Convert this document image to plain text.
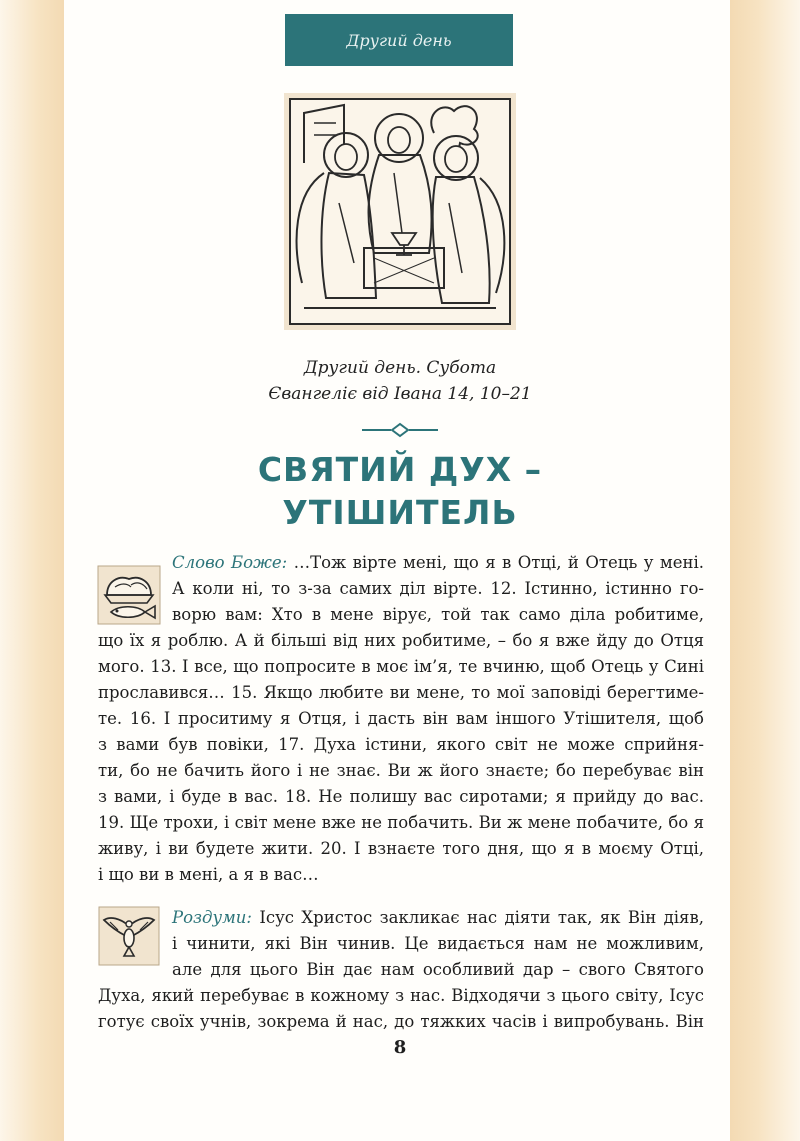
Другий день
Другий день. Субота
Євангеліє від Івана 14, 10–21
СВЯТИЙ ДУХ –
УТІШИТЕЛЬ
Слово Боже: …Тож вірте мені, що я в Отці, й Отець у мені.
А коли ні, то з-за самих діл вірте. 12. Істинно, істинно го-
ворю вам: Хто в мене вірує, той так само діла робитиме,
що їх я роблю. А й більші від них робитиме, – бо я вже йду до Отця
мого. 13. І все, що попросите в моє ім’я, те вчиню, щоб Отець у Сині
прославився… 15. Якщо любите ви мене, то мої заповіді берегтиме-
те. 16. І проситиму я Отця, і дасть він вам іншого Утішителя, щоб
з вами був повіки, 17. Духа істини, якого світ не може сприйня-
ти, бо не бачить його і не знає. Ви ж його знаєте; бо перебуває він
з вами, і буде в вас. 18. Не полишу вас сиротами; я прийду до вас.
19. Ще трохи, і світ мене вже не побачить. Ви ж мене побачите, бо я
живу, і ви будете жити. 20. І взнаєте того дня, що я в моєму Отці,
і що ви в мені, а я в вас…
Роздуми: Ісус Христос закликає нас діяти так, як Він діяв,
і чинити, які Він чинив. Це видається нам не можливим,
але для цього Він дає нам особливий дар – свого Святого
Духа, який перебуває в кожному з нас. Відходячи з цього світу, Ісус
готує своїх учнів, зокрема й нас, до тяжких часів і випробувань. Він
8
